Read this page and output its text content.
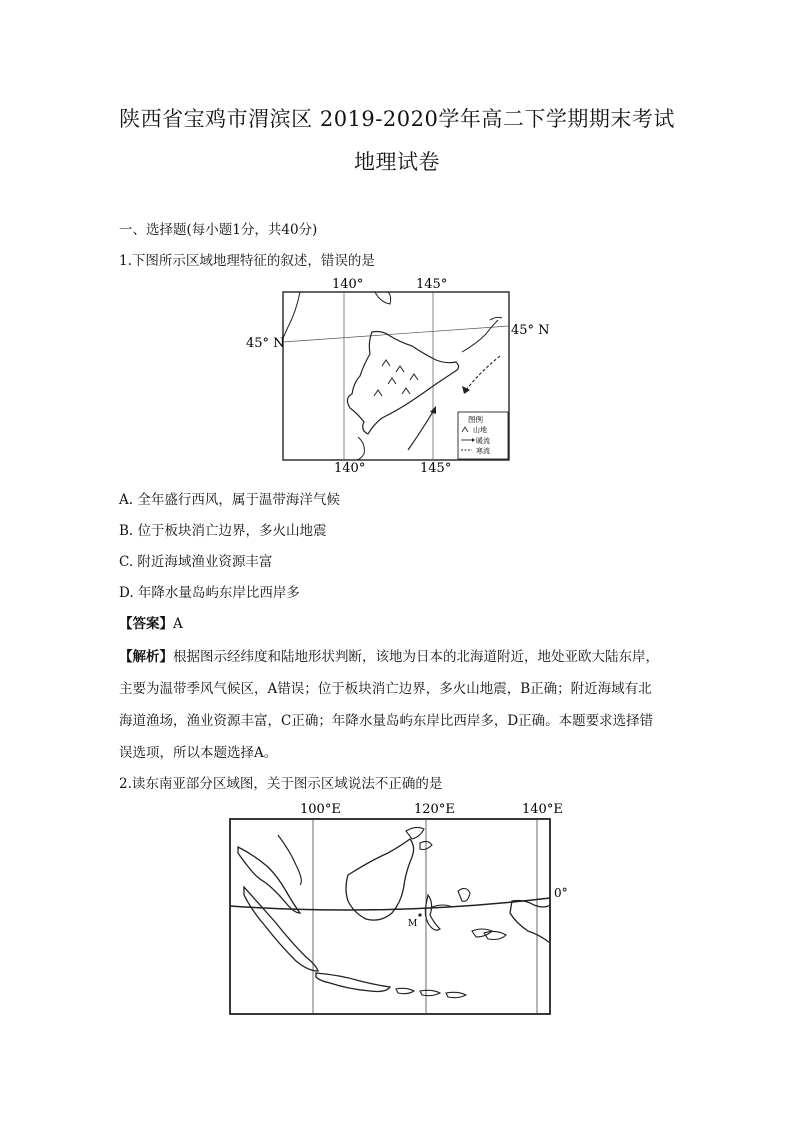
陕西省宝鸡市渭滨区 2019-2020学年高二下学期期末考试
地理试卷
一、选择题(每小题1分，共40分)
1.下图所示区域地理特征的叙述，错误的是
图例
山地
暖流
寒流
140°	145°
140°	145°
45° N
45° N
A. 全年盛行西风，属于温带海洋气候
B. 位于板块消亡边界，多火山地震
C. 附近海域渔业资源丰富
D. 年降水量岛屿东岸比西岸多
【答案】A
【解析】根据图示经纬度和陆地形状判断，该地为日本的北海道附近，地处亚欧大陆东岸，
主要为温带季风气候区，A错误；位于板块消亡边界，多火山地震，B正确；附近海域有北
海道渔场，渔业资源丰富，C正确；年降水量岛屿东岸比西岸多，D正确。本题要求选择错
误选项，所以本题选择A。
2.读东南亚部分区域图，关于图示区域说法不正确的是
M
100°E	120°E	140°E
0°
